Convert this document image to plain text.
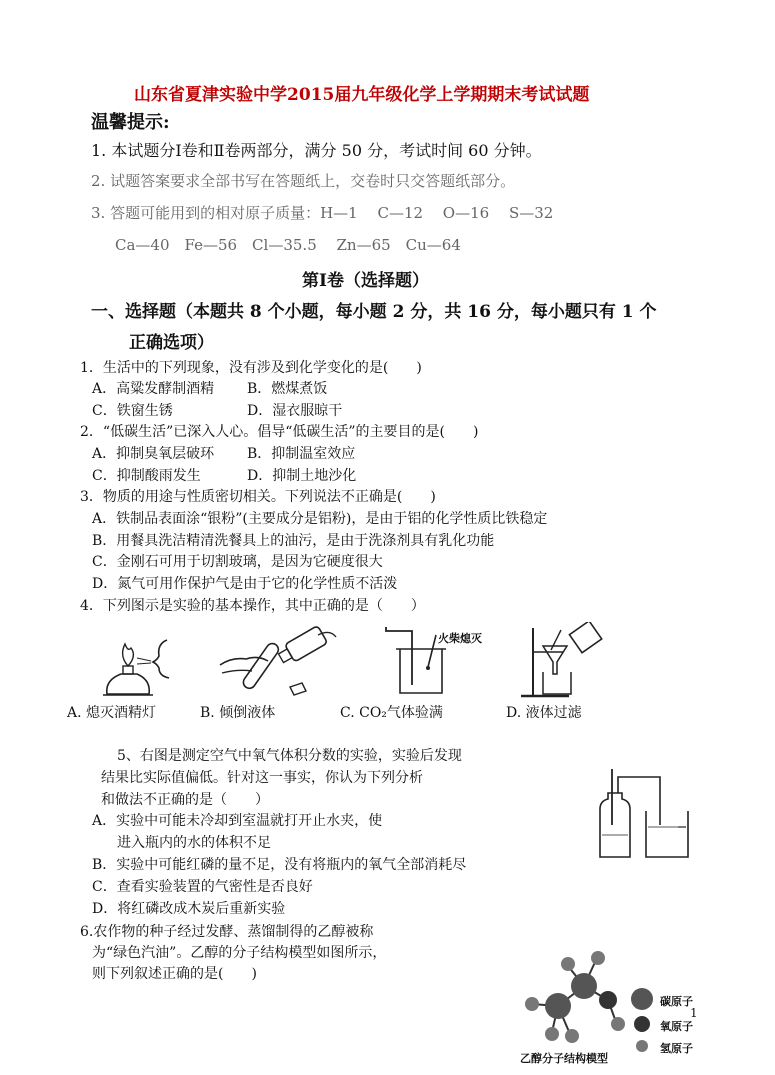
山东省夏津实验中学2015届九年级化学上学期期末考试试题
温馨提示:
1. 本试题分Ⅰ卷和Ⅱ卷两部分，满分 50 分，考试时间 60 分钟。
2. 试题答案要求全部书写在答题纸上，交卷时只交答题纸部分。
3. 答题可能用到的相对原子质量：H—1　 C—12　 O—16　 S—32
Ca—40　Fe—56　Cl—35.5　 Zn—65　Cu—64
第Ⅰ卷（选择题）
一、选择题（本题共 8 个小题，每小题 2 分，共 16 分，每小题只有 1 个
正确选项）
1．生活中的下列现象，没有涉及到化学变化的是(　　)
A．高粱发酵制酒精 B．燃煤煮饭
C．铁窗生锈	D．湿衣服晾干
2．“低碳生活”已深入人心。倡导“低碳生活”的主要目的是(　　)
A．抑制臭氧层破环 B．抑制温室效应
C．抑制酸雨发生	D．抑制土地沙化
3．物质的用途与性质密切相关。下列说法不正确是(　　)
A．铁制品表面涂“银粉”(主要成分是铝粉)，是由于铝的化学性质比铁稳定
B．用餐具洗洁精清洗餐具上的油污，是由于洗涤剂具有乳化功能
C．金刚石可用于切割玻璃，是因为它硬度很大
D．氮气可用作保护气是由于它的化学性质不活泼
4．下列图示是实验的基本操作，其中正确的是（　　）
火柴熄灭
A. 熄灭酒精灯	B. 倾倒液体	C. CO₂气体验满	D. 液体过滤
5、右图是测定空气中氧气体积分数的实验，实验后发现
结果比实际值偏低。针对这一事实，你认为下列分析
和做法不正确的是（　　）
A．实验中可能未冷却到室温就打开止水夹，使
进入瓶内的水的体积不足
B．实验中可能红磷的量不足，没有将瓶内的氧气全部消耗尽
C．查看实验装置的气密性是否良好
D．将红磷改成木炭后重新实验
6.农作物的种子经过发酵、蒸馏制得的乙醇被称
为“绿色汽油”。乙醇的分子结构模型如图所示，
则下列叙述正确的是(　　)
乙醇分子结构模型
碳原子
氧原子
氢原子
1
